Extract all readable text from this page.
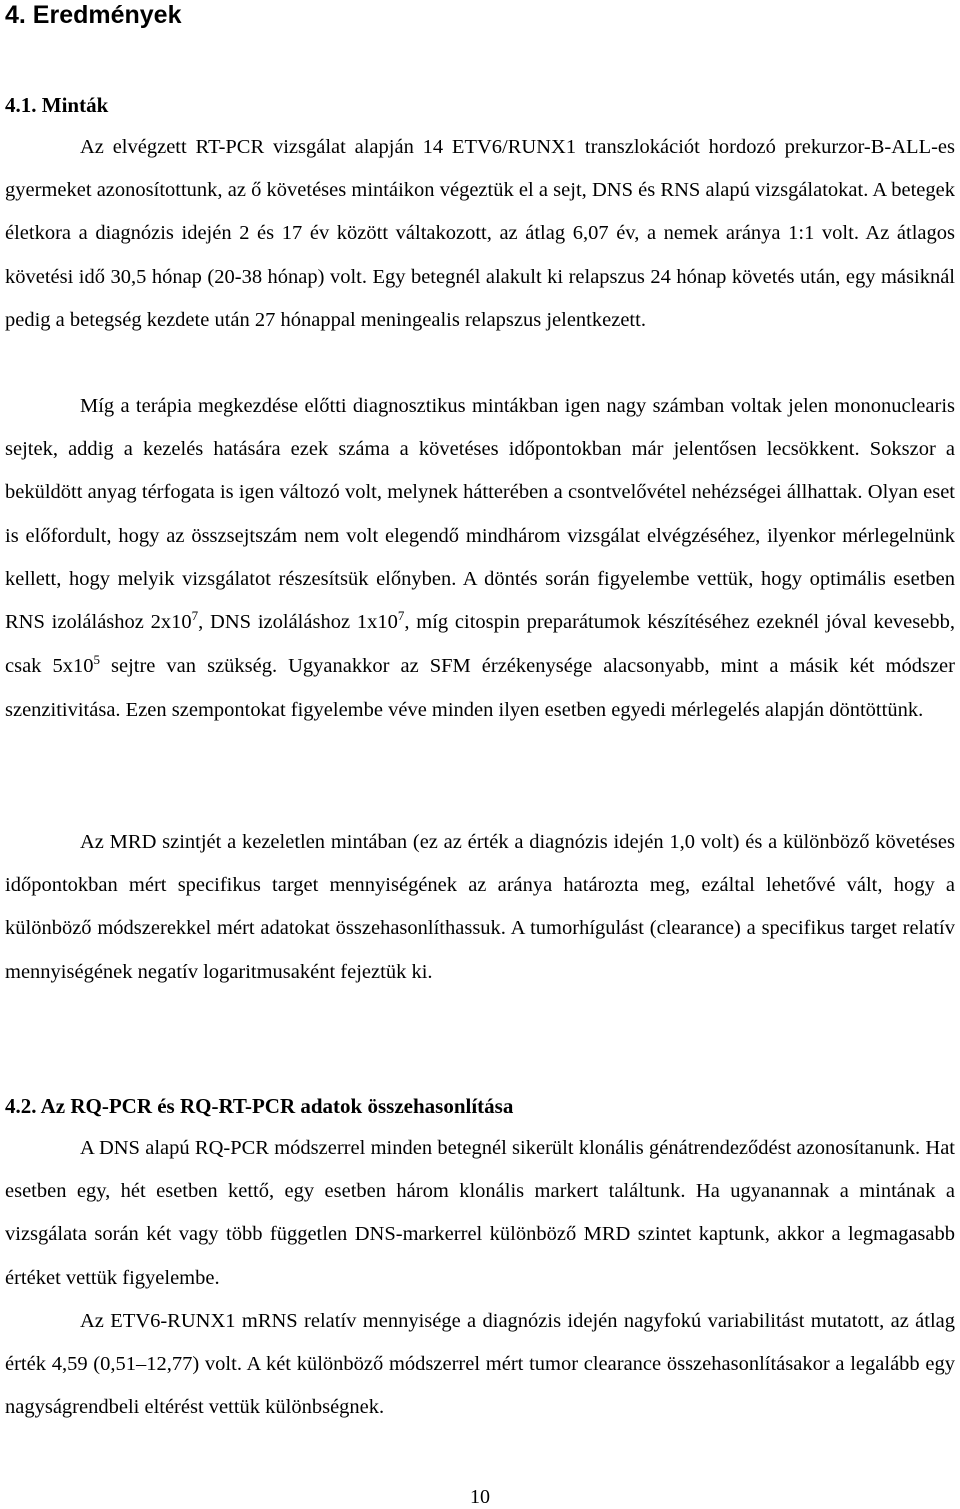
4. Eredmények
4.1. Minták
Az elvégzett RT-PCR vizsgálat alapján 14 ETV6/RUNX1 transzlokációt hordozó prekurzor-B-ALL-es gyermeket azonosítottunk, az ő követéses mintáikon végeztük el a sejt, DNS és RNS alapú vizsgálatokat. A betegek életkora a diagnózis idején 2 és 17 év között váltakozott, az átlag 6,07 év, a nemek aránya 1:1 volt. Az átlagos követési idő 30,5 hónap (20-38 hónap) volt. Egy betegnél alakult ki relapszus 24 hónap követés után, egy másiknál pedig a betegség kezdete után 27 hónappal meningealis relapszus jelentkezett.
Míg a terápia megkezdése előtti diagnosztikus mintákban igen nagy számban voltak jelen mononuclearis sejtek, addig a kezelés hatására ezek száma a követéses időpontokban már jelentősen lecsökkent. Sokszor a beküldött anyag térfogata is igen változó volt, melynek hátterében a csontvelővétel nehézségei állhattak. Olyan eset is előfordult, hogy az összsejtszám nem volt elegendő mindhárom vizsgálat elvégzéséhez, ilyenkor mérlegelnünk kellett, hogy melyik vizsgálatot részesítsük előnyben. A döntés során figyelembe vettük, hogy optimális esetben RNS izoláláshoz $2x10^7$, DNS izoláláshoz $1x10^7$, míg citospin preparátumok készítéséhez ezeknél jóval kevesebb, csak $5x10^5$ sejtre van szükség. Ugyanakkor az SFM érzékenysége alacsonyabb, mint a másik két módszer szenzitivitása. Ezen szempontokat figyelembe véve minden ilyen esetben egyedi mérlegelés alapján döntöttünk.
Az MRD szintjét a kezeletlen mintában (ez az érték a diagnózis idején 1,0 volt) és a különböző követéses időpontokban mért specifikus target mennyiségének az aránya határozta meg, ezáltal lehetővé vált, hogy a különböző módszerekkel mért adatokat összehasonlíthassuk. A tumorhígulást (clearance) a specifikus target relatív mennyiségének negatív logaritmusaként fejeztük ki.
4.2. Az RQ-PCR és RQ-RT-PCR adatok összehasonlítása
A DNS alapú RQ-PCR módszerrel minden betegnél sikerült klonális génátrendeződést azonosítanunk. Hat esetben egy, hét esetben kettő, egy esetben három klonális markert találtunk. Ha ugyanannak a mintának a vizsgálata során két vagy több független DNS-markerrel különböző MRD szintet kaptunk, akkor a legmagasabb értéket vettük figyelembe.
Az ETV6-RUNX1 mRNS relatív mennyisége a diagnózis idején nagyfokú variabilitást mutatott, az átlag érték 4,59 (0,51–12,77) volt. A két különböző módszerrel mért tumor clearance összehasonlításakor a legalább egy nagyságrendbeli eltérést vettük különbségnek.
10
